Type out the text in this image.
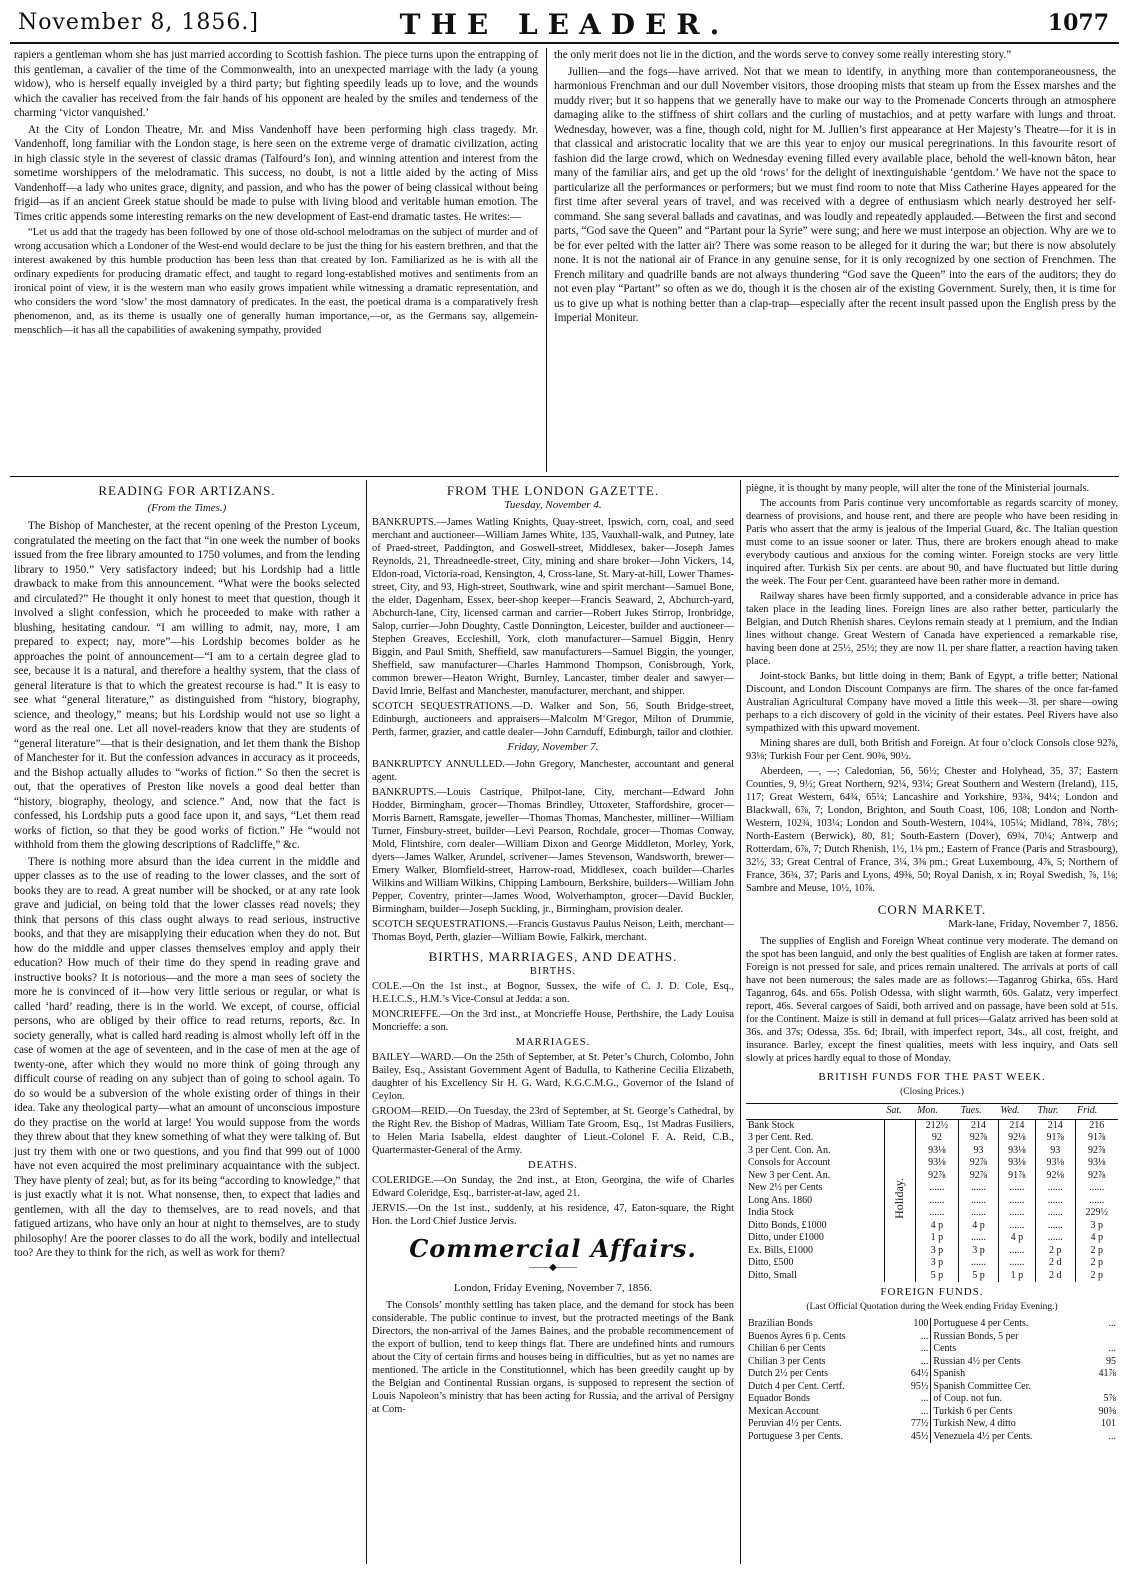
November 8, 1856.]	THE LEADER.	1077

rapiers a gentleman whom she has just married according to Scottish fashion. The piece turns upon the entrapping of this gentleman, a cavalier of the time of the Commonwealth, into an unexpected marriage with the lady (a young widow), who is herself equally inveigled by a third party; but fighting speedily leads up to love, and the wounds which the cavalier has received from the fair hands of his opponent are healed by the smiles and tenderness of the charming ‘victor vanquished.’

At the City of London Theatre, Mr. and Miss Vandenhoff have been performing high class tragedy. Mr. Vandenhoff, long familiar with the London stage, is here seen on the extreme verge of dramatic civilization, acting in high classic style in the severest of classic dramas (Talfourd’s Ion), and winning attention and interest from the sometime worshippers of the melodramatic. This success, no doubt, is not a little aided by the acting of Miss Vandenhoff—a lady who unites grace, dignity, and passion, and who has the power of being classical without being frigid—as if an ancient Greek statue should be made to pulse with living blood and veritable human emotion. The Times critic appends some interesting remarks on the new development of East-end dramatic tastes. He writes:—

“Let us add that the tragedy has been followed by one of those old-school melodramas on the subject of murder and of wrong accusation which a Londoner of the West-end would declare to be just the thing for his eastern brethren, and that the interest awakened by this humble production has been less than that created by Ion. Familiarized as he is with all the ordinary expedients for producing dramatic effect, and taught to regard long-established motives and sentiments from an ironical point of view, it is the western man who easily grows impatient while witnessing a dramatic representation, and who considers the word ‘slow’ the most damnatory of predicates. In the east, the poetical drama is a comparatively fresh phenomenon, and, as its theme is usually one of generally human importance,—or, as the Germans say, allgemein-menschlich—it has all the capabilities of awakening sympathy, provided

the only merit does not lie in the diction, and the words serve to convey some really interesting story.”

Jullien—and the fogs—have arrived. Not that we mean to identify, in anything more than contemporaneousness, the harmonious Frenchman and our dull November visitors, those drooping mists that steam up from the Essex marshes and the muddy river; but it so happens that we generally have to make our way to the Promenade Concerts through an atmosphere damaging alike to the stiffness of shirt collars and the curling of mustachios, and at petty warfare with lungs and throat. Wednesday, however, was a fine, though cold, night for M. Jullien’s first appearance at Her Majesty’s Theatre—for it is in that classical and aristocratic locality that we are this year to enjoy our musical peregrinations. In this favourite resort of fashion did the large crowd, which on Wednesday evening filled every available place, behold the well-known bâton, hear many of the familiar airs, and get up the old ‘rows’ for the delight of inextinguishable ‘gentdom.’ We have not the space to particularize all the performances or performers; but we must find room to note that Miss Catherine Hayes appeared for the first time after several years of travel, and was received with a degree of enthusiasm which nearly destroyed her self-command. She sang several ballads and cavatinas, and was loudly and repeatedly applauded.—Between the first and second parts, “God save the Queen” and “Partant pour la Syrie” were sung; and here we must interpose an objection. Why are we to be for ever pelted with the latter air? There was some reason to be alleged for it during the war; but there is now absolutely none. It is not the national air of France in any genuine sense, for it is only recognized by one section of Frenchmen. The French military and quadrille bands are not always thundering “God save the Queen” into the ears of the auditors; they do not even play “Partant” so often as we do, though it is the chosen air of the existing Government. Surely, then, it is time for us to give up what is nothing better than a clap-trap—especially after the recent insult passed upon the English press by the Imperial Moniteur.

READING FOR ARTIZANS.
(From the Times.)

The Bishop of Manchester, at the recent opening of the Preston Lyceum, congratulated the meeting on the fact that “in one week the number of books issued from the free library amounted to 1750 volumes, and from the lending library to 1950.” Very satisfactory indeed; but his Lordship had a little drawback to make from this announcement. “What were the books selected and circulated?” He thought it only honest to meet that question, though it involved a slight confession, which he proceeded to make with rather a blushing, hesitating candour. “I am willing to admit, nay, more, I am prepared to expect; nay, more”—his Lordship becomes bolder as he approaches the point of announcement—“I am to a certain degree glad to see, because it is a natural, and therefore a healthy system, that the class of general literature is that to which the greatest recourse is had.” It is easy to see what “general literature,” as distinguished from “history, biography, science, and theology,” means; but his Lordship would not use so light a word as the real one. Let all novel-readers know that they are students of “general literature”—that is their designation, and let them thank the Bishop of Manchester for it. But the confession advances in accuracy as it proceeds, and the Bishop actually alludes to “works of fiction.” So then the secret is out, that the operatives of Preston like novels a good deal better than “history, biography, theology, and science.” And, now that the fact is confessed, his Lordship puts a good face upon it, and says, “Let them read works of fiction, so that they be good works of fiction.” He “would not withhold from them the glowing descriptions of Radcliffe,” &c.

There is nothing more absurd than the idea current in the middle and upper classes as to the use of reading to the lower classes, and the sort of books they are to read. A great number will be shocked, or at any rate look grave and judicial, on being told that the lower classes read novels; they think that persons of this class ought always to read serious, instructive books, and that they are misapplying their education when they do not. But how do the middle and upper classes themselves employ and apply their education? How much of their time do they spend in reading grave and instructive books? It is notorious—and the more a man sees of society the more he is convinced of it—how very little serious or regular, or what is called ‘hard’ reading, there is in the world. We except, of course, official persons, who are obliged by their office to read returns, reports, &c. In society generally, what is called hard reading is almost wholly left off in the case of women at the age of seventeen, and in the case of men at the age of twenty-one, after which they would no more think of going through any difficult course of reading on any subject than of going to school again. To do so would be a subversion of the whole existing order of things in their idea. Take any theological party—what an amount of unconscious imposture do they practise on the world at large! You would suppose from the words they threw about that they knew something of what they were talking of. But just try them with one or two questions, and you find that 999 out of 1000 have not even acquired the most preliminary acquaintance with the subject. They have plenty of zeal; but, as for its being “according to knowledge,” that is just exactly what it is not. What nonsense, then, to expect that ladies and gentlemen, with all the day to themselves, are to read novels, and that fatigued artizans, who have only an hour at night to themselves, are to study philosophy! Are the poorer classes to do all the work, bodily and intellectual too? Are they to think for the rich, as well as work for them?

FROM THE LONDON GAZETTE.
Tuesday, November 4.

BANKRUPTS.—James Watling Knights, Quay-street, Ipswich, corn, coal, and seed merchant and auctioneer—William James White, 135, Vauxhall-walk, and Putney, late of Praed-street, Paddington, and Goswell-street, Middlesex, baker—Joseph James Reynolds, 21, Threadneedle-street, City, mining and share broker—John Vickers, 14, Eldon-road, Victoria-road, Kensington, 4, Cross-lane, St. Mary-at-hill, Lower Thames-street, City, and 93, High-street, Southwark, wine and spirit merchant—Samuel Bone, the elder, Dagenham, Essex, beer-shop keeper—Francis Seaward, 2, Abchurch-yard, Abchurch-lane, City, licensed carman and carrier—Robert Jukes Stirrop, Ironbridge, Salop, currier—John Doughty, Castle Donnington, Leicester, builder and auctioneer—Stephen Greaves, Eccleshill, York, cloth manufacturer—Samuel Biggin, Henry Biggin, and Paul Smith, Sheffield, saw manufacturers—Samuel Biggin, the younger, Sheffield, saw manufacturer—Charles Hammond Thompson, Conisbrough, York, common brewer—Heaton Wright, Burnley, Lancaster, timber dealer and sawyer—David Imrie, Belfast and Manchester, manufacturer, merchant, and shipper.

SCOTCH SEQUESTRATIONS.—D. Walker and Son, 56, South Bridge-street, Edinburgh, auctioneers and appraisers—Malcolm M‘Gregor, Milton of Drummie, Perth, farmer, grazier, and cattle dealer—John Carnduff, Edinburgh, tailor and clothier.

Friday, November 7.

BANKRUPTCY ANNULLED.—John Gregory, Manchester, accountant and general agent.

BANKRUPTS.—Louis Castrique, Philpot-lane, City, merchant—Edward John Hodder, Birmingham, grocer—Thomas Brindley, Uttoxeter, Staffordshire, grocer—Morris Barnett, Ramsgate, jeweller—Thomas Thomas, Manchester, milliner—William Turner, Finsbury-street, builder—Levi Pearson, Rochdale, grocer—Thomas Conway, Mold, Flintshire, corn dealer—William Dixon and George Middleton, Morley, York, dyers—James Walker, Arundel, scrivener—James Stevenson, Wandsworth, brewer—Emery Walker, Blomfield-street, Harrow-road, Middlesex, coach builder—Charles Wilkins and William Wilkins, Chipping Lambourn, Berkshire, builders—William John Pepper, Coventry, printer—James Wood, Wolverhampton, grocer—David Buckler, Birmingham, builder—Joseph Suckling, jr., Birmingham, provision dealer.

SCOTCH SEQUESTRATIONS.—Francis Gustavus Paulus Neison, Leith, merchant—Thomas Boyd, Perth, glazier—William Bowie, Falkirk, merchant.

BIRTHS, MARRIAGES, AND DEATHS.
BIRTHS.

COLE.—On the 1st inst., at Bognor, Sussex, the wife of C. J. D. Cole, Esq., H.E.I.C.S., H.M.’s Vice-Consul at Jedda: a son.

MONCRIEFFE.—On the 3rd inst., at Moncrieffe House, Perthshire, the Lady Louisa Moncrieffe: a son.

MARRIAGES.

BAILEY—WARD.—On the 25th of September, at St. Peter’s Church, Colombo, John Bailey, Esq., Assistant Government Agent of Badulla, to Katherine Cecilia Elizabeth, daughter of his Excellency Sir H. G. Ward, K.G.C.M.G., Governor of the Island of Ceylon.

GROOM—REID.—On Tuesday, the 23rd of September, at St. George’s Cathedral, by the Right Rev. the Bishop of Madras, William Tate Groom, Esq., 1st Madras Fusiliers, to Helen Maria Isabella, eldest daughter of Lieut.-Colonel F. A. Reid, C.B., Quartermaster-General of the Army.

DEATHS.

COLERIDGE.—On Sunday, the 2nd inst., at Eton, Georgina, the wife of Charles Edward Coleridge, Esq., barrister-at-law, aged 21.

JERVIS.—On the 1st inst., suddenly, at his residence, 47, Eaton-square, the Right Hon. the Lord Chief Justice Jervis.

Commercial Affairs.
——◆——
London, Friday Evening, November 7, 1856.

The Consols’ monthly settling has taken place, and the demand for stock has been considerable. The public continue to invest, but the protracted meetings of the Bank Directors, the non-arrival of the James Baines, and the probable recommencement of the export of bullion, tend to keep things flat. There are undefined hints and rumours about the City of certain firms and houses being in difficulties, but as yet no names are mentioned. The article in the Constitutionnel, which has been greedily caught up by the Belgian and Continental Russian organs, is supposed to represent the section of Louis Napoleon’s ministry that has been acting for Russia, and the arrival of Persigny at Com-

piègne, it is thought by many people, will alter the tone of the Ministerial journals.

The accounts from Paris continue very uncomfortable as regards scarcity of money, dearness of provisions, and house rent, and there are people who have been residing in Paris who assert that the army is jealous of the Imperial Guard, &c. The Italian question must come to an issue sooner or later. Thus, there are brokers enough ahead to make everybody cautious and anxious for the coming winter. Foreign stocks are very little inquired after. Turkish Six per cents. are about 90, and have fluctuated but little during the week. The Four per Cent. guaranteed have been rather more in demand.

Railway shares have been firmly supported, and a considerable advance in price has taken place in the leading lines. Foreign lines are also rather better, particularly the Belgian, and Dutch Rhenish shares. Ceylons remain steady at 1 premium, and the Indian lines without change. Great Western of Canada have experienced a remarkable rise, having been done at 25½, 25½; they are now 1l. per share flatter, a reaction having taken place.

Joint-stock Banks, but little doing in them; Bank of Egypt, a trifle better; National Discount, and London Discount Companys are firm. The shares of the once far-famed Australian Agricultural Company have moved a little this week—3l. per share—owing perhaps to a rich discovery of gold in the vicinity of their estates. Peel Rivers have also sympathized with this upward movement.

Mining shares are dull, both British and Foreign. At four o’clock Consols close 92⅞, 93⅛; Turkish Four per Cent. 90⅜, 90½.

Aberdeen, —, —; Caledonian, 56, 56½; Chester and Holyhead, 35, 37; Eastern Counties, 9, 9½; Great Northern, 92¼, 93¼; Great Southern and Western (Ireland), 115, 117; Great Western, 64¾, 65¼; Lancashire and Yorkshire, 93¾, 94¼; London and Blackwall, 6⅞, 7; London, Brighton, and South Coast, 106, 108; London and North-Western, 102¾, 103¼; London and South-Western, 104¼, 105¼; Midland, 78¾, 78½; North-Eastern (Berwick), 80, 81; South-Eastern (Dover), 69¾, 70¼; Antwerp and Rotterdam, 6⅞, 7; Dutch Rhenish, 1½, 1⅛ pm.; Eastern of France (Paris and Strasbourg), 32½, 33; Great Central of France, 3¼, 3⅜ pm.; Great Luxembourg, 4⅞, 5; Northern of France, 36¾, 37; Paris and Lyons, 49⅜, 50; Royal Danish, x in; Royal Swedish, ⅞, 1⅛; Sambre and Meuse, 10½, 10⅞.

CORN MARKET.
Mark-lane, Friday, November 7, 1856.

The supplies of English and Foreign Wheat continue very moderate. The demand on the spot has been languid, and only the best qualities of English are taken at former rates. Foreign is not pressed for sale, and prices remain unaltered. The arrivals at ports of call have not been numerous; the sales made are as follows:—Taganrog Ghirka, 65s. Hard Taganrog, 64s. and 65s. Polish Odessa, with slight warmth, 60s. Galatz, very imperfect report, 46s. Several cargoes of Saidi, both arrived and on passage, have been sold at 51s. for the Continent. Maize is still in demand at full prices—Galatz arrived has been sold at 36s. and 37s; Odessa, 35s. 6d; Ibrail, with imperfect report, 34s., all cost, freight, and insurance. Barley, except the finest qualities, meets with less inquiry, and Oats sell slowly at prices hardly equal to those of Monday.

BRITISH FUNDS FOR THE PAST WEEK.
(Closing Prices.)
	Sat.	Mon.	Tues.	Wed.	Thur.	Frid.
Bank Stock	Holiday.	212½	214	214	214	216
3 per Cent. Red.		92	92⅞	92⅛	91⅞	91⅞
3 per Cent. Con. An.		93⅛	93	93⅛	93	92⅞
Consols for Account		93⅛	92⅞	93⅛	93⅛	93⅛
New 3 per Cent. An.		92⅞	92⅞	91⅞	92⅛	92⅞
New 2½ per Cents		......	......	......	......	......
Long Ans. 1860		......	......	......	......	......
India Stock		......	......	......	......	229½
Ditto Bonds, £1000		4 p	4 p	......	......	3 p
Ditto, under £1000		1 p	......	4 p	......	4 p
Ex. Bills, £1000		3 p	3 p	......	2 p	2 p
Ditto, £500		3 p	......	......	2 d	2 p
Ditto, Small		5 p	5 p	1 p	2 d	2 p
FOREIGN FUNDS.
(Last Official Quotation during the Week ending Friday Evening.)
Brazilian Bonds	100	Portuguese 4 per Cents.	...
Buenos Ayres 6 p. Cents	...	Russian Bonds, 5 per	
Chilian 6 per Cents	...	Cents	...
Chilian 3 per Cents	...	Russian 4½ per Cents	95
Dutch 2½ per Cents	64½	Spanish	41⅞
Dutch 4 per Cent. Certf.	95½	Spanish Committee Cer.	
Equador Bonds	...	of Coup. not fun.	5⅞
Mexican Account	...	Turkish 6 per Cents	90⅜
Peruvian 4½ per Cents.	77½	Turkish New, 4 ditto	101
Portuguese 3 per Cents.	45½	Venezuela 4½ per Cents.	...
